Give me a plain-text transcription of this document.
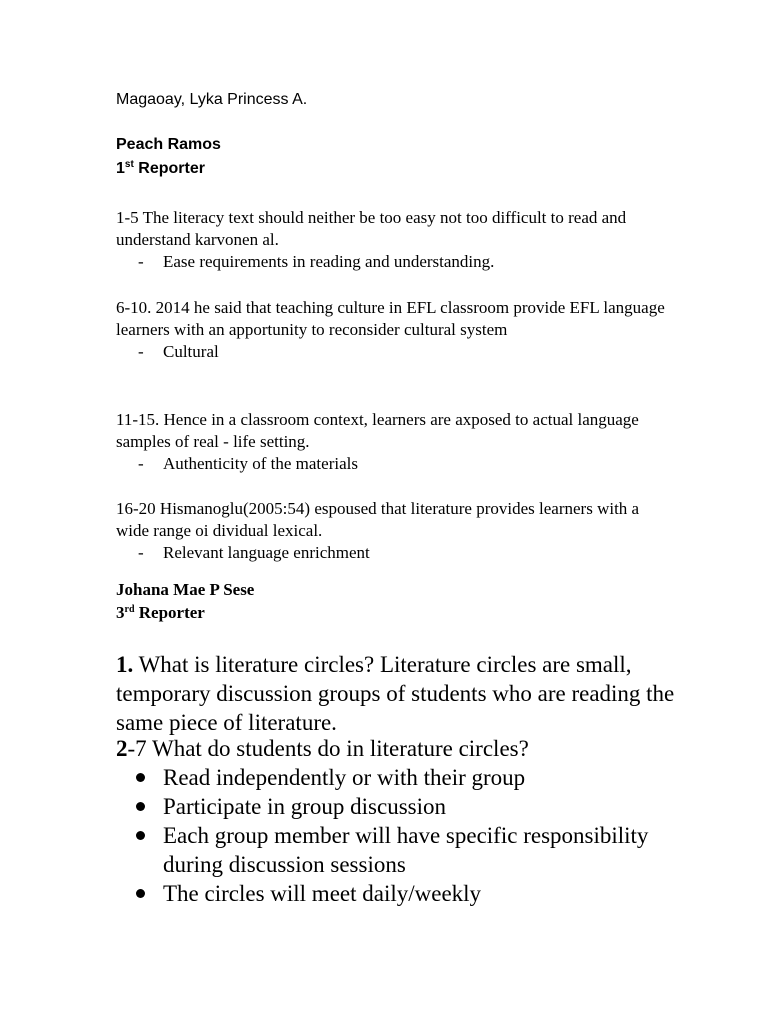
Magaoay, Lyka Princess A.
Peach Ramos
1st Reporter
1-5 The literacy text should neither be too easy not too difficult to read and understand karvonen al.
- Ease requirements in reading and understanding.
6-10. 2014 he said that teaching culture in EFL classroom provide EFL language learners with an apportunity to reconsider cultural system
- Cultural
11-15. Hence in a classroom context, learners are axposed to actual language samples of real - life setting.
- Authenticity of the materials
16-20 Hismanoglu(2005:54) espoused that literature provides learners with a wide range oi dividual lexical.
- Relevant language enrichment
Johana Mae P Sese
3rd Reporter
1. What is literature circles? Literature circles are small, temporary discussion groups of students who are reading the same piece of literature.
2-7 What do students do in literature circles?
Read independently or with their group
Participate in group discussion
Each group member will have specific responsibility during discussion sessions
The circles will meet daily/weekly
